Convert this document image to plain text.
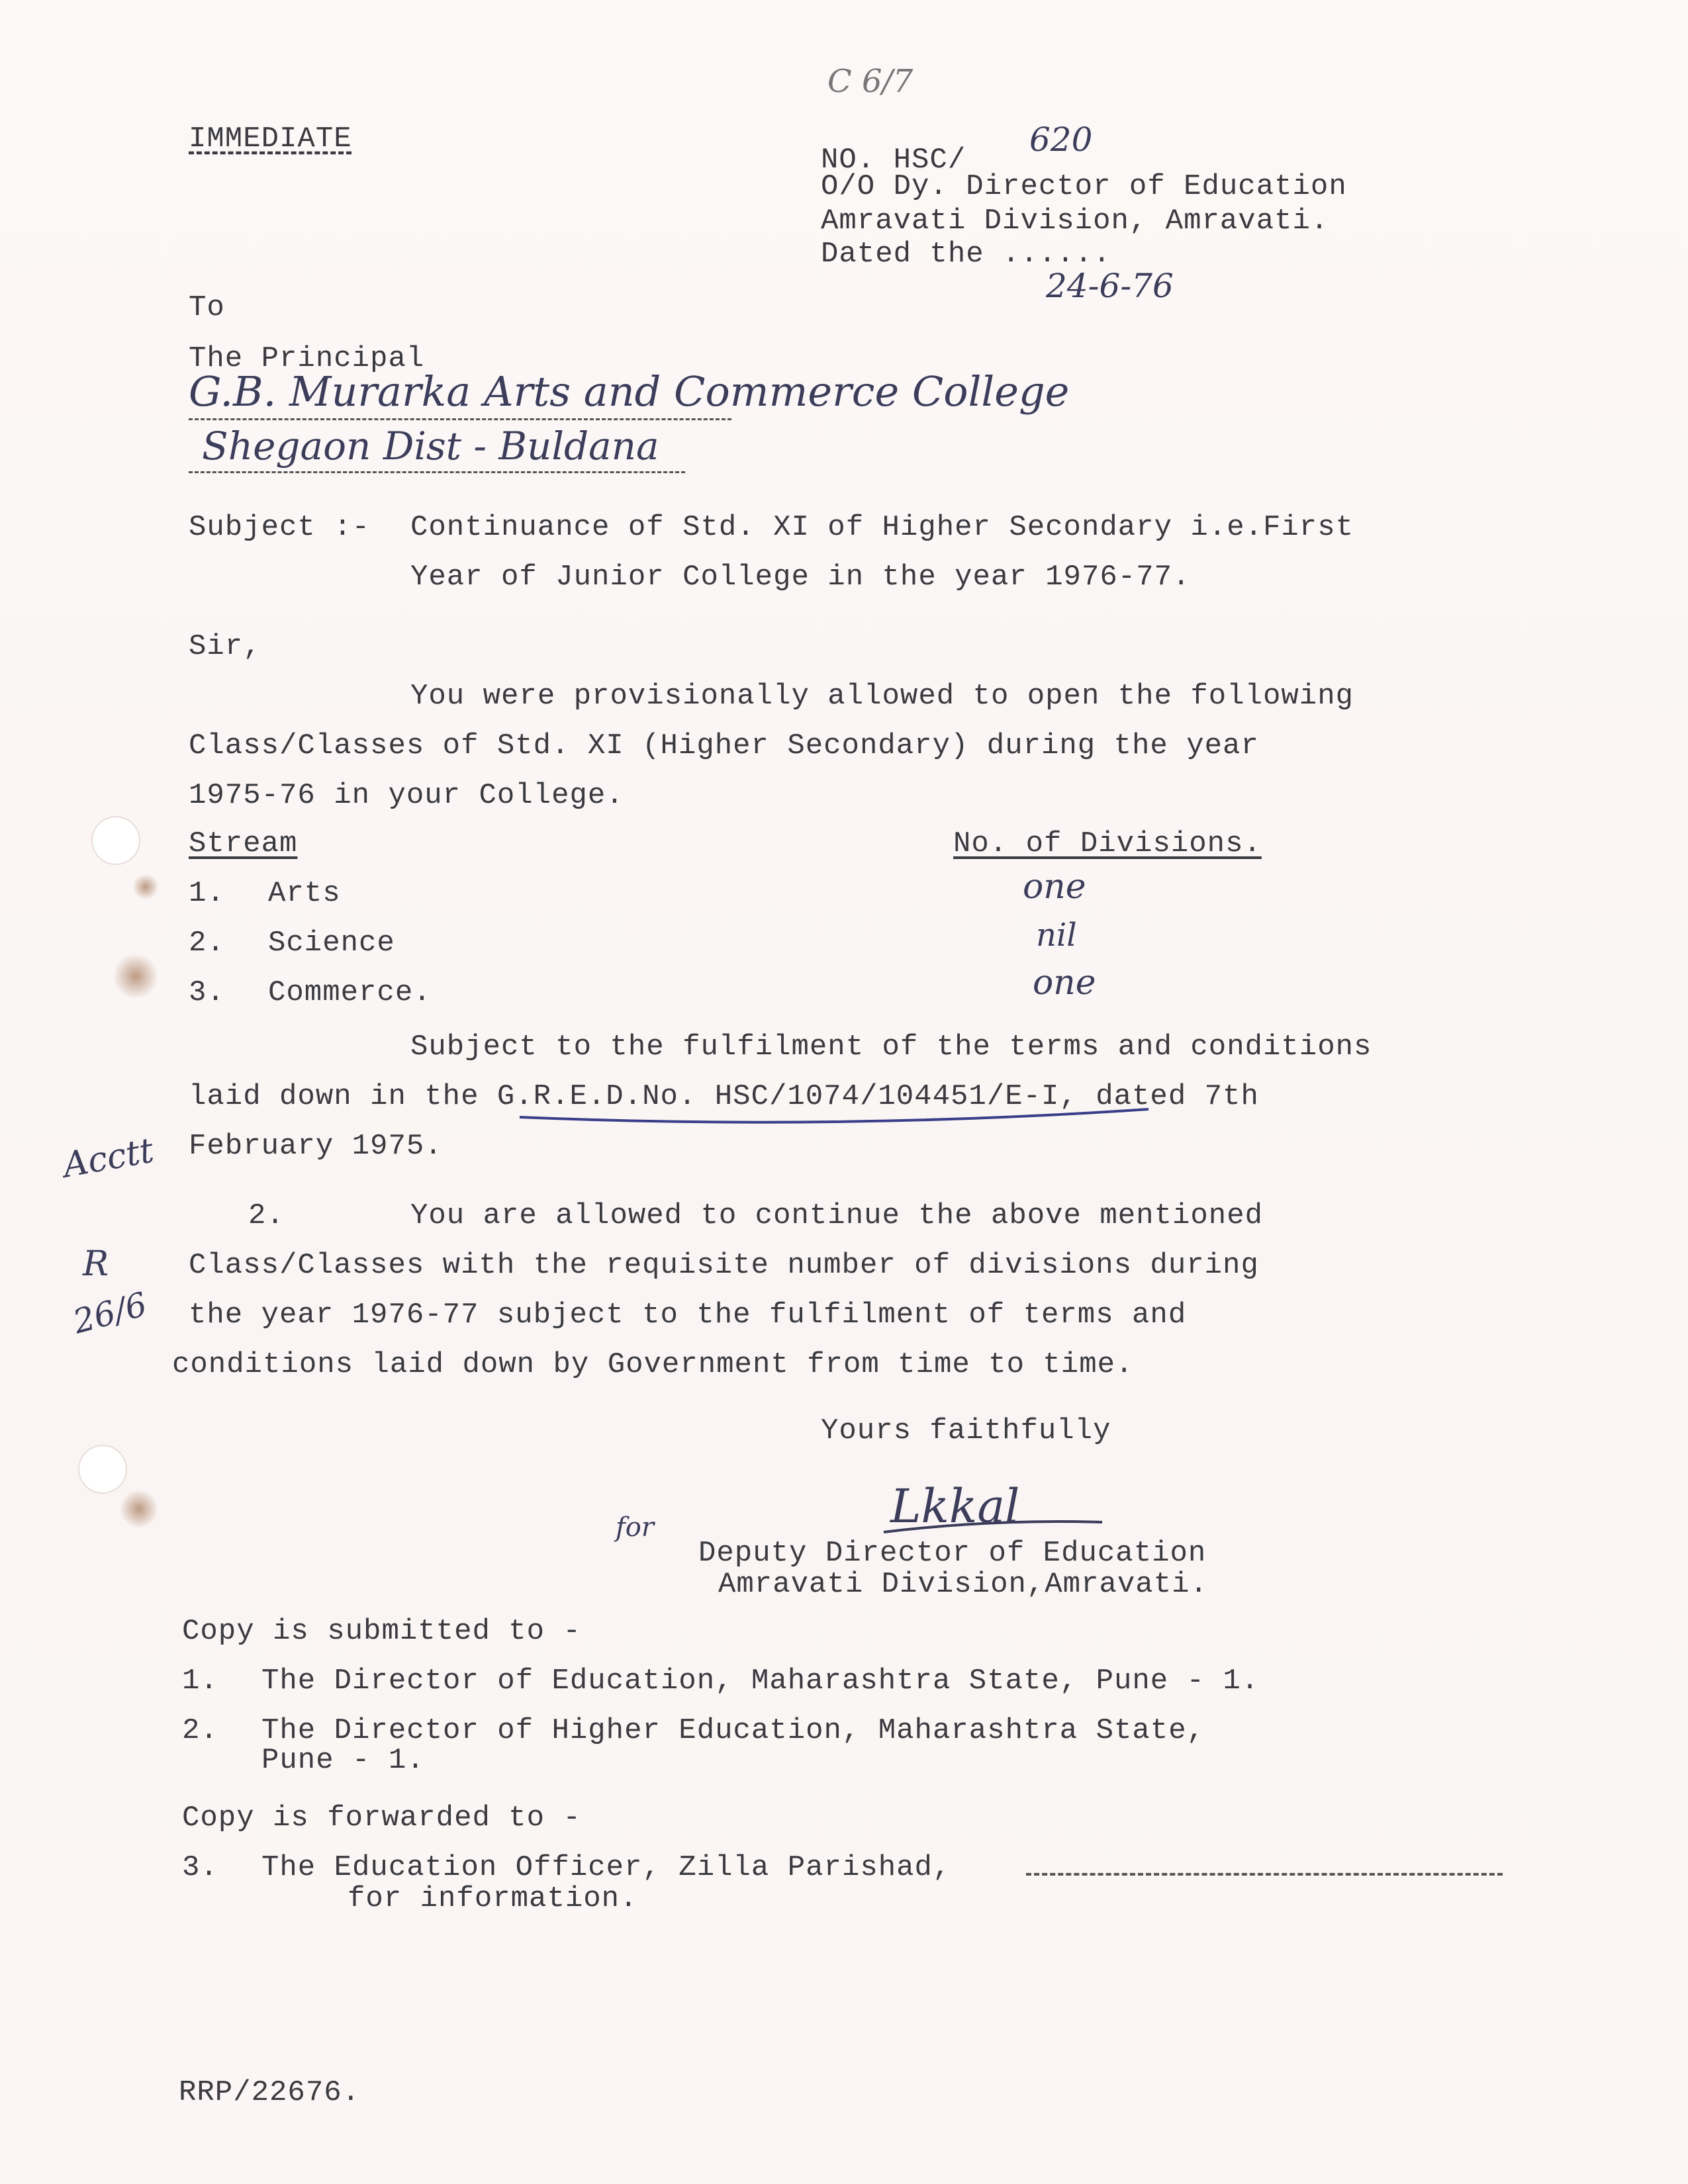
C 6/7
IMMEDIATE
NO. HSC/
620
O/O Dy. Director of Education
Amravati Division, Amravati.
Dated the ......
24-6-76
To
The Principal
G.B. Murarka Arts and Commerce College
Shegaon Dist - Buldana
Subject :- Continuance of Std. XI of Higher Secondary i.e.First
Year of Junior College in the year 1976-77.
Sir,
You were provisionally allowed to open the following
Class/Classes of Std. XI (Higher Secondary) during the year
1975-76 in your College.
Stream	No. of Divisions.
1. Arts	one
2. Science	nil
3. Commerce.	one
Subject to the fulfilment of the terms and conditions
laid down in the G.R.E.D.No. HSC/1074/104451/E-I, dated 7th
February 1975.
2.	You are allowed to continue the above mentioned
Class/Classes with the requisite number of divisions during
the year 1976-77 subject to the fulfilment of terms and
conditions laid down by Government from time to time.
Acctt
R
26/6
Yours faithfully
for	Lkkal
Deputy Director of Education
Amravati Division,Amravati.
Copy is submitted to -
1. The Director of Education, Maharashtra State, Pune - 1.
2. The Director of Higher Education, Maharashtra State,
Pune - 1.
Copy is forwarded to -
3. The Education Officer, Zilla Parishad,
for information.
RRP/22676.
